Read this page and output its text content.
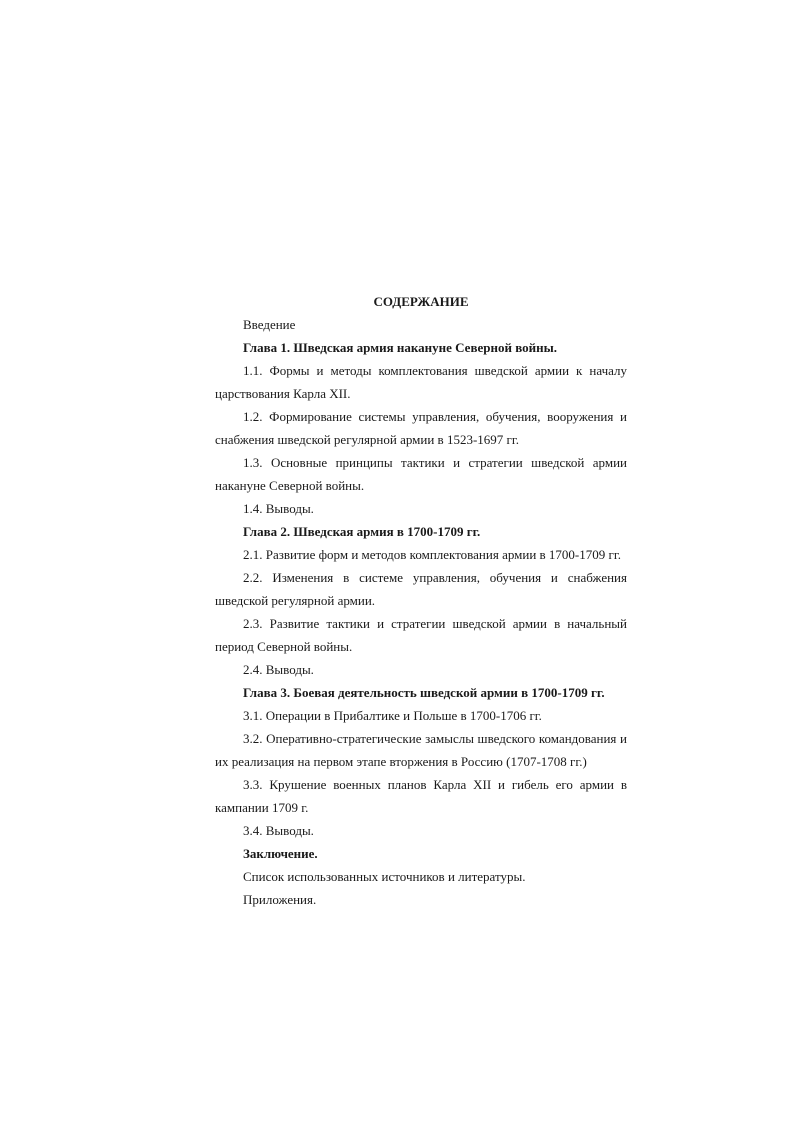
СОДЕРЖАНИЕ

Введение

Глава 1. Шведская армия накануне Северной войны.

1.1. Формы и методы комплектования шведской армии к началу царствования Карла XII.

1.2. Формирование системы управления, обучения, вооружения и снабжения шведской регулярной армии в 1523-1697 гг.

1.3. Основные принципы тактики и стратегии шведской армии накануне Северной войны.

1.4. Выводы.

Глава 2. Шведская армия в 1700-1709 гг.

2.1. Развитие форм и методов комплектования армии в 1700-1709 гг.

2.2. Изменения в системе управления, обучения и снабжения шведской регулярной армии.

2.3. Развитие тактики и стратегии шведской армии в начальный период Северной войны.

2.4. Выводы.

Глава 3. Боевая деятельность шведской армии в 1700-1709 гг.

3.1. Операции в Прибалтике и Польше в 1700-1706 гг.

3.2. Оперативно-стратегические замыслы шведского командования и их реализация на первом этапе вторжения в Россию (1707-1708 гг.)

3.3. Крушение военных планов Карла XII и гибель его армии в кампании 1709 г.

3.4. Выводы.

Заключение.

Список использованных источников и литературы.

Приложения.
